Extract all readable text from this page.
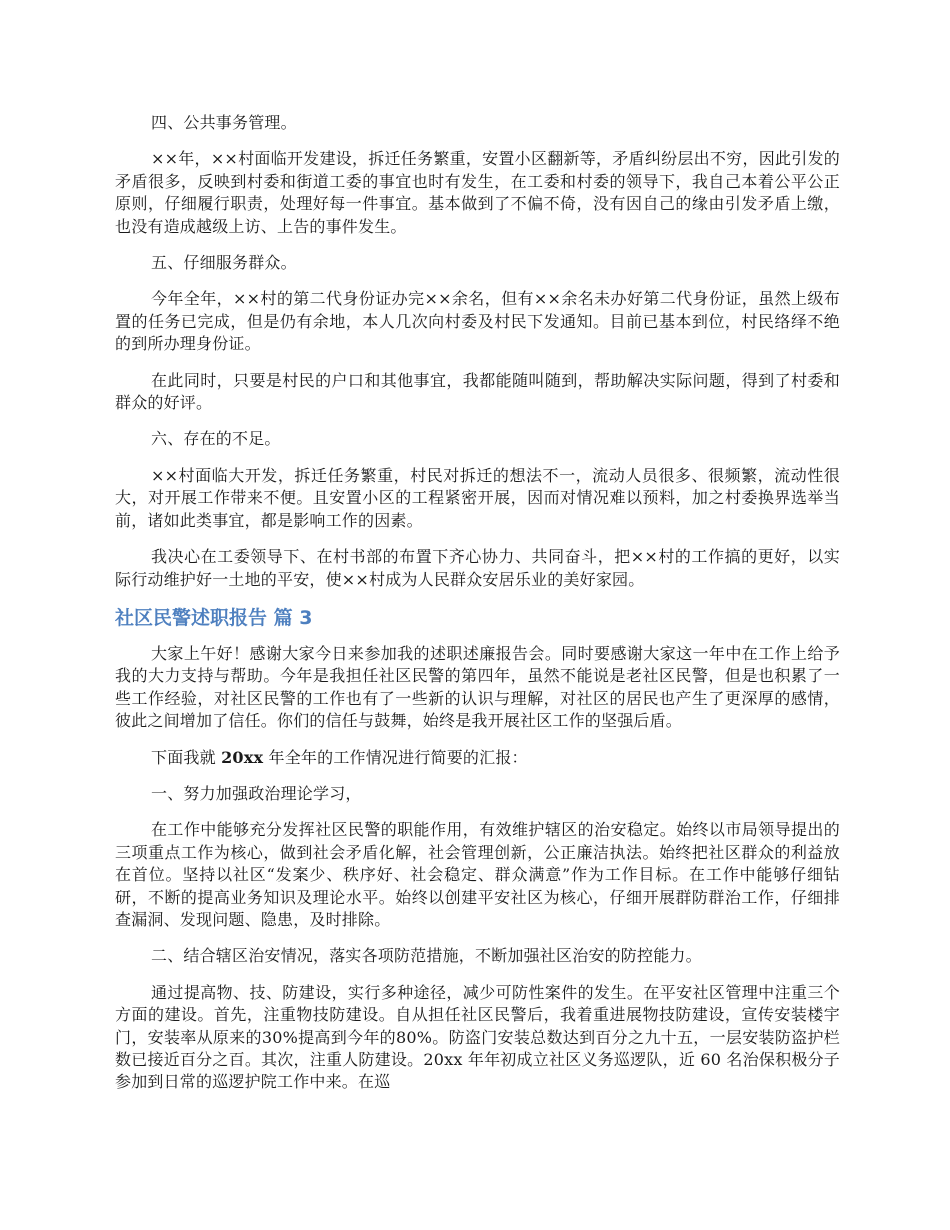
四、公共事务管理。

××年，××村面临开发建设，拆迁任务繁重，安置小区翻新等，矛盾纠纷层出不穷，因此引发的矛盾很多，反映到村委和街道工委的事宜也时有发生，在工委和村委的领导下，我自己本着公平公正原则，仔细履行职责，处理好每一件事宜。基本做到了不偏不倚，没有因自己的缘由引发矛盾上缴，也没有造成越级上访、上告的事件发生。

五、仔细服务群众。

今年全年，××村的第二代身份证办完××余名，但有××余名未办好第二代身份证，虽然上级布置的任务已完成，但是仍有余地，本人几次向村委及村民下发通知。目前已基本到位，村民络绎不绝的到所办理身份证。

在此同时，只要是村民的户口和其他事宜，我都能随叫随到，帮助解决实际问题，得到了村委和群众的好评。

六、存在的不足。

××村面临大开发，拆迁任务繁重，村民对拆迁的想法不一，流动人员很多、很频繁，流动性很大，对开展工作带来不便。且安置小区的工程紧密开展，因而对情况难以预料，加之村委换界选举当前，诸如此类事宜，都是影响工作的因素。

我决心在工委领导下、在村书部的布置下齐心协力、共同奋斗，把××村的工作搞的更好，以实际行动维护好一土地的平安，使××村成为人民群众安居乐业的美好家园。

社区民警述职报告 篇 3

大家上午好！感谢大家今日来参加我的述职述廉报告会。同时要感谢大家这一年中在工作上给予我的大力支持与帮助。今年是我担任社区民警的第四年，虽然不能说是老社区民警，但是也积累了一些工作经验，对社区民警的工作也有了一些新的认识与理解，对社区的居民也产生了更深厚的感情，彼此之间增加了信任。你们的信任与鼓舞，始终是我开展社区工作的坚强后盾。

下面我就 20xx 年全年的工作情况进行简要的汇报：

一、努力加强政治理论学习，

在工作中能够充分发挥社区民警的职能作用，有效维护辖区的治安稳定。始终以市局领导提出的三项重点工作为核心，做到社会矛盾化解，社会管理创新，公正廉洁执法。始终把社区群众的利益放在首位。坚持以社区“发案少、秩序好、社会稳定、群众满意”作为工作目标。在工作中能够仔细钻研，不断的提高业务知识及理论水平。始终以创建平安社区为核心，仔细开展群防群治工作，仔细排查漏洞、发现问题、隐患，及时排除。

二、结合辖区治安情况，落实各项防范措施，不断加强社区治安的防控能力。

通过提高物、技、防建设，实行多种途径，减少可防性案件的发生。在平安社区管理中注重三个方面的建设。首先，注重物技防建设。自从担任社区民警后，我着重进展物技防建设，宣传安装楼宇门，安装率从原来的30%提高到今年的80%。防盗门安装总数达到百分之九十五，一层安装防盗护栏数已接近百分之百。其次，注重人防建设。20xx 年年初成立社区义务巡逻队，近 60 名治保积极分子参加到日常的巡逻护院工作中来。在巡
